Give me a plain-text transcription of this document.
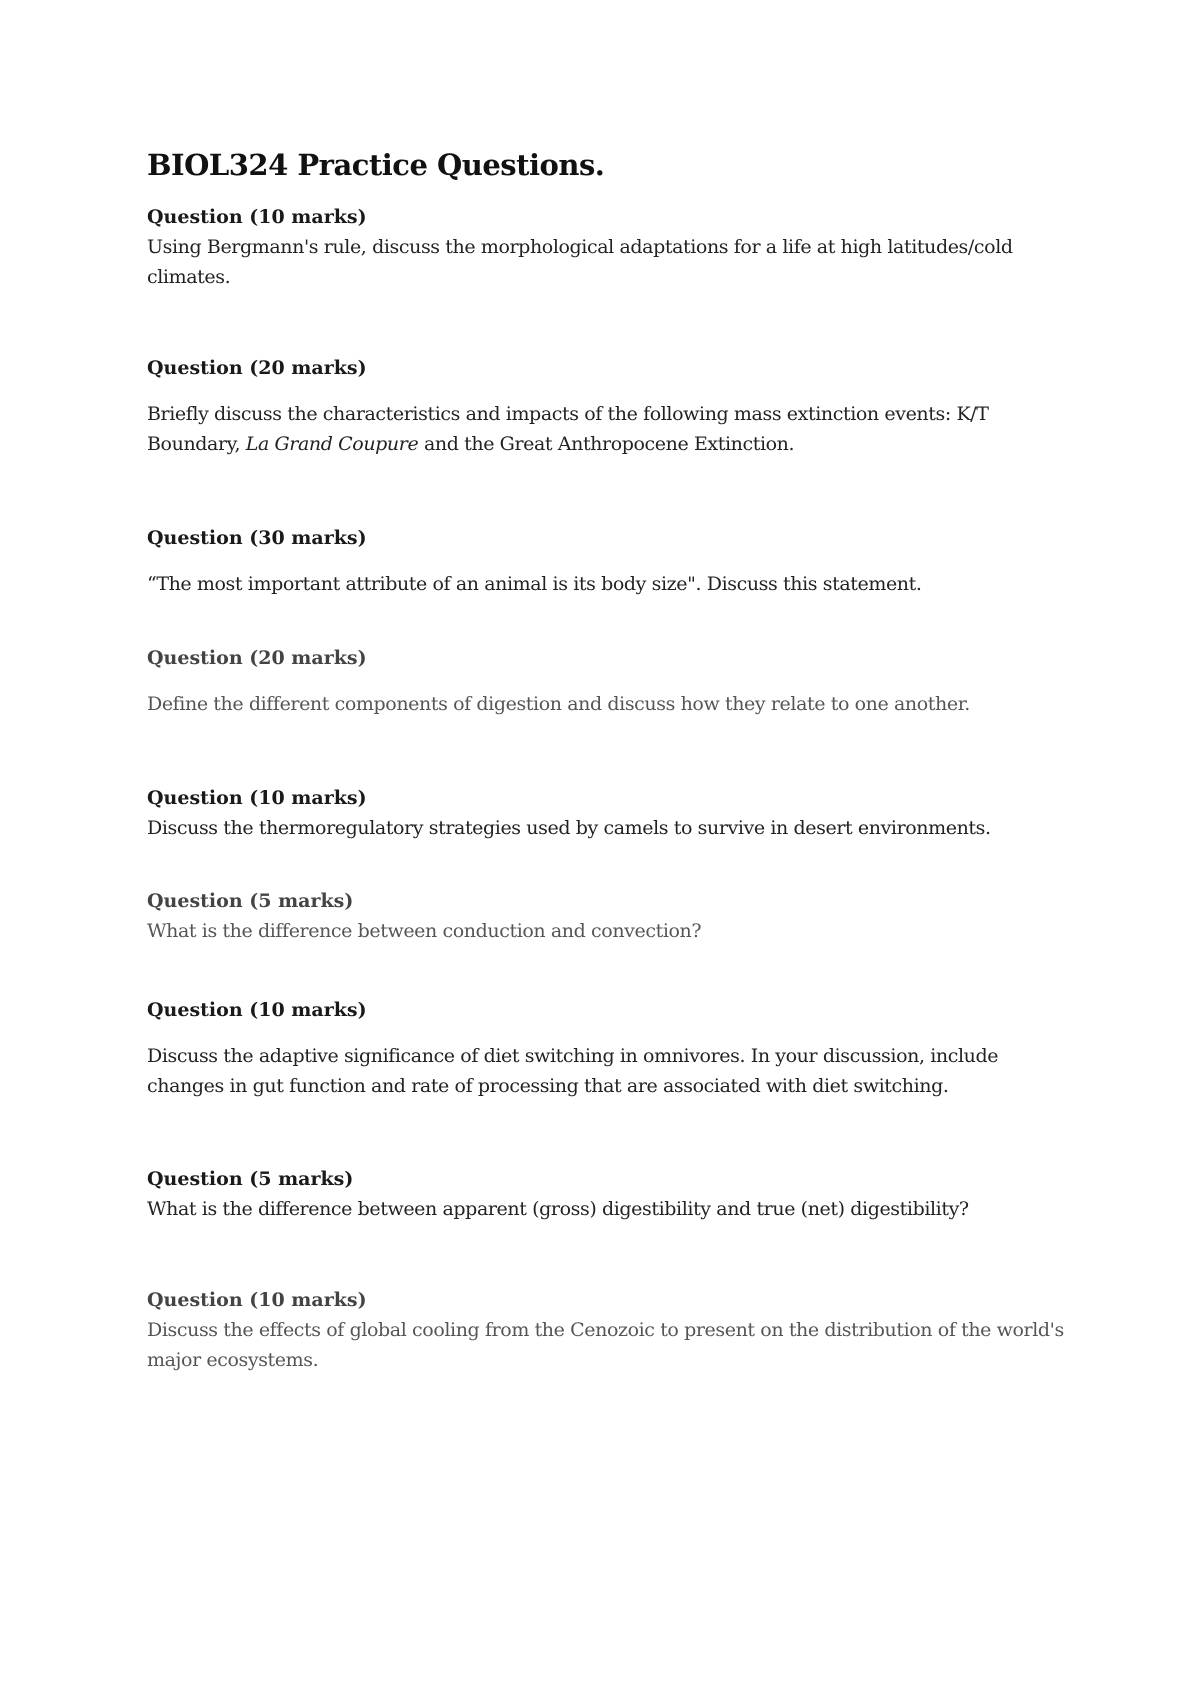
BIOL324 Practice Questions.
Question (10 marks)
Using Bergmann's rule, discuss the morphological adaptations for a life at high latitudes/cold climates.
Question (20 marks)
Briefly discuss the characteristics and impacts of the following mass extinction events: K/T Boundary, La Grand Coupure and the Great Anthropocene Extinction.
Question (30 marks)
“The most important attribute of an animal is its body size". Discuss this statement.
Question (20 marks)
Define the different components of digestion and discuss how they relate to one another.
Question (10 marks)
Discuss the thermoregulatory strategies used by camels to survive in desert environments.
Question (5 marks)
What is the difference between conduction and convection?
Question (10 marks)
Discuss the adaptive significance of diet switching in omnivores. In your discussion, include changes in gut function and rate of processing that are associated with diet switching.
Question (5 marks)
What is the difference between apparent (gross) digestibility and true (net) digestibility?
Question (10 marks)
Discuss the effects of global cooling from the Cenozoic to present on the distribution of the world's major ecosystems.
